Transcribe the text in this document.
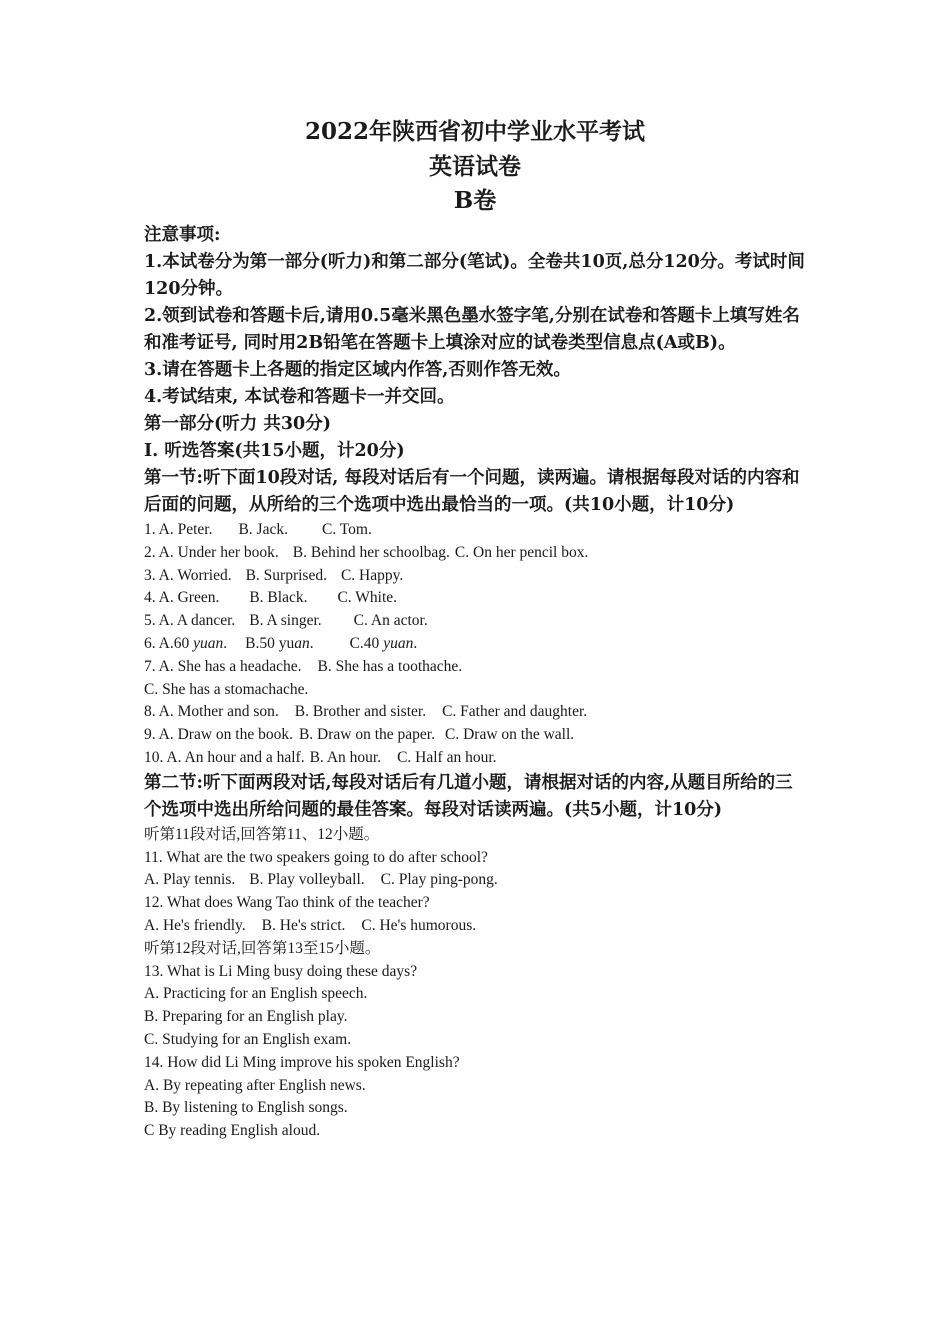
2022年陕西省初中学业水平考试
英语试卷
B卷
注意事项:
1.本试卷分为第一部分(听力)和第二部分(笔试)。全卷共10页,总分120分。考试时间120分钟。
2.领到试卷和答题卡后,请用0.5毫米黑色墨水签字笔,分别在试卷和答题卡上填写姓名和准考证号, 同时用2B铅笔在答题卡上填涂对应的试卷类型信息点(A或B)。
3.请在答题卡上各题的指定区域内作答,否则作答无效。
4.考试结束, 本试卷和答题卡一并交回。
第一部分(听力 共30分)
I. 听选答案(共15小题，计20分)
第一节:听下面10段对话, 每段对话后有一个问题，读两遍。请根据每段对话的内容和后面的问题，从所给的三个选项中选出最恰当的一项。(共10小题，计10分)
1. A. Peter. B. Jack. C. Tom.
2. A. Under her book. B. Behind her schoolbag. C. On her pencil box.
3. A. Worried. B. Surprised. C. Happy.
4. A. Green. B. Black. C. White.
5. A. A dancer. B. A singer. C. An actor.
6. A.60 yuan. B.50 yuan. C.40 yuan.
7. A. She has a headache. B. She has a toothache.
C. She has a stomachache.
8. A. Mother and son. B. Brother and sister. C. Father and daughter.
9. A. Draw on the book. B. Draw on the paper. C. Draw on the wall.
10. A. An hour and a half. B. An hour. C. Half an hour.
第二节:听下面两段对话,每段对话后有几道小题，请根据对话的内容,从题目所给的三个选项中选出所给问题的最佳答案。每段对话读两遍。(共5小题，计10分)
听第11段对话,回答第11、12小题。
11. What are the two speakers going to do after school?
A. Play tennis. B. Play volleyball. C. Play ping-pong.
12. What does Wang Tao think of the teacher?
A. He's friendly. B. He's strict. C. He's humorous.
听第12段对话,回答第13至15小题。
13. What is Li Ming busy doing these days?
A. Practicing for an English speech.
B. Preparing for an English play.
C. Studying for an English exam.
14. How did Li Ming improve his spoken English?
A. By repeating after English news.
B. By listening to English songs.
C By reading English aloud.
